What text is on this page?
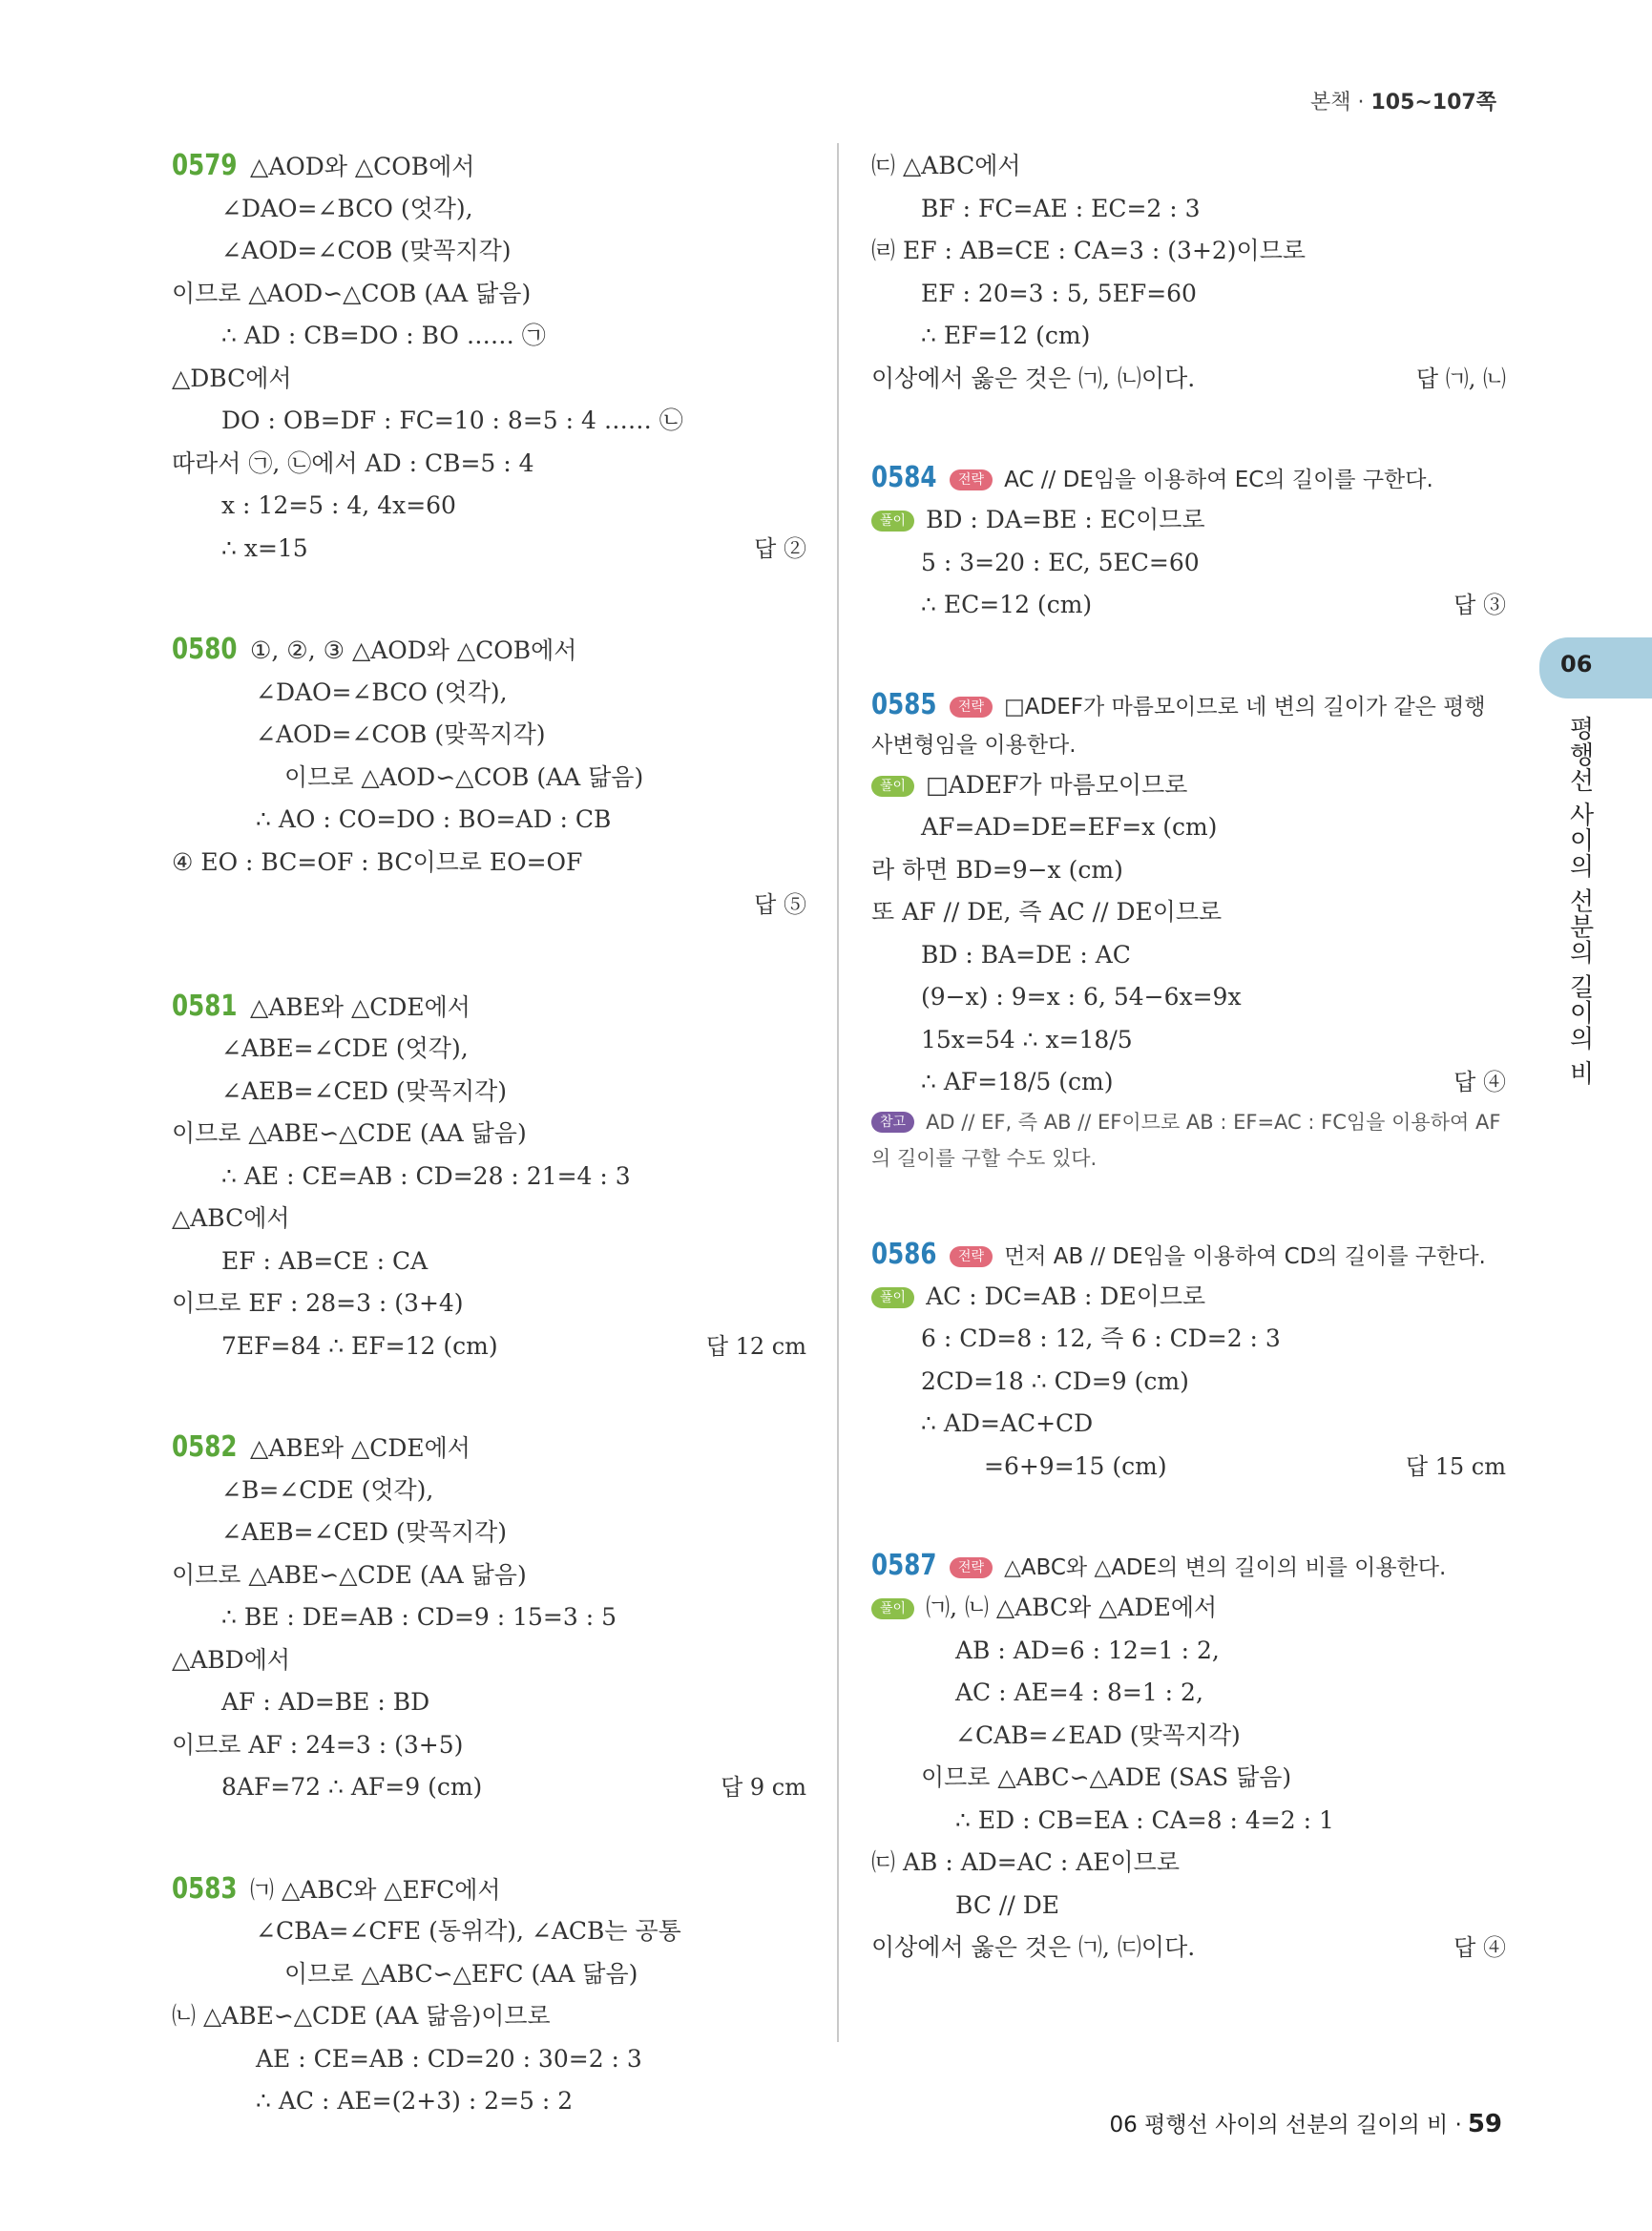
본책 · 105~107쪽
0579 △AOD와 △COB에서
∠DAO=∠BCO (엇각),
∠AOD=∠COB (맞꼭지각)
이므로 △AOD∽△COB (AA 닮음)
∴ AD : CB=DO : BO …… ㉠
△DBC에서
DO : OB=DF : FC=10 : 8=5 : 4 …… ㉡
따라서 ㉠, ㉡에서 AD : CB=5 : 4
x : 12=5 : 4, 4x=60
∴ x=15	답 ②
0580 ①, ②, ③ △AOD와 △COB에서
∠DAO=∠BCO (엇각),
∠AOD=∠COB (맞꼭지각)
이므로 △AOD∽△COB (AA 닮음)
∴ AO : CO=DO : BO=AD : CB
④ EO : BC=OF : BC이므로 EO=OF
답 ⑤
0581 △ABE와 △CDE에서
∠ABE=∠CDE (엇각),
∠AEB=∠CED (맞꼭지각)
이므로 △ABE∽△CDE (AA 닮음)
∴ AE : CE=AB : CD=28 : 21=4 : 3
△ABC에서
EF : AB=CE : CA
이므로 EF : 28=3 : (3+4)
7EF=84 ∴ EF=12 (cm)	답 12 cm
0582 △ABE와 △CDE에서
∠B=∠CDE (엇각),
∠AEB=∠CED (맞꼭지각)
이므로 △ABE∽△CDE (AA 닮음)
∴ BE : DE=AB : CD=9 : 15=3 : 5
△ABD에서
AF : AD=BE : BD
이므로 AF : 24=3 : (3+5)
8AF=72 ∴ AF=9 (cm)	답 9 cm
0583 ㈀ △ABC와 △EFC에서
∠CBA=∠CFE (동위각), ∠ACB는 공통
이므로 △ABC∽△EFC (AA 닮음)
㈁ △ABE∽△CDE (AA 닮음)이므로
AE : CE=AB : CD=20 : 30=2 : 3
∴ AC : AE=(2+3) : 2=5 : 2
㈂ △ABC에서
BF : FC=AE : EC=2 : 3
㈃ EF : AB=CE : CA=3 : (3+2)이므로
EF : 20=3 : 5, 5EF=60
∴ EF=12 (cm)
이상에서 옳은 것은 ㈀, ㈁이다.	답 ㈀, ㈁
0584 전략 AC // DE임을 이용하여 EC의 길이를 구한다.
풀이 BD : DA=BE : EC이므로
5 : 3=20 : EC, 5EC=60
∴ EC=12 (cm)	답 ③
0585 전략 □ADEF가 마름모이므로 네 변의 길이가 같은 평행사변형임을 이용한다.
풀이 □ADEF가 마름모이므로
AF=AD=DE=EF=x (cm)
라 하면 BD=9−x (cm)
또 AF // DE, 즉 AC // DE이므로
BD : BA=DE : AC
(9−x) : 9=x : 6, 54−6x=9x
15x=54 ∴ x=18/5
∴ AF=18/5 (cm)	답 ④
참고 AD // EF, 즉 AB // EF이므로 AB : EF=AC : FC임을 이용하여 AF의 길이를 구할 수도 있다.
0586 전략 먼저 AB // DE임을 이용하여 CD의 길이를 구한다.
풀이 AC : DC=AB : DE이므로
6 : CD=8 : 12, 즉 6 : CD=2 : 3
2CD=18 ∴ CD=9 (cm)
∴ AD=AC+CD
=6+9=15 (cm)	답 15 cm
0587 전략 △ABC와 △ADE의 변의 길이의 비를 이용한다.
풀이 ㈀, ㈁ △ABC와 △ADE에서
AB : AD=6 : 12=1 : 2,
AC : AE=4 : 8=1 : 2,
∠CAB=∠EAD (맞꼭지각)
이므로 △ABC∽△ADE (SAS 닮음)
∴ ED : CB=EA : CA=8 : 4=2 : 1
㈂ AB : AD=AC : AE이므로
BC // DE
이상에서 옳은 것은 ㈀, ㈂이다.	답 ④
06
평행선 사이의 선분의 길이의 비
06 평행선 사이의 선분의 길이의 비 · 59
